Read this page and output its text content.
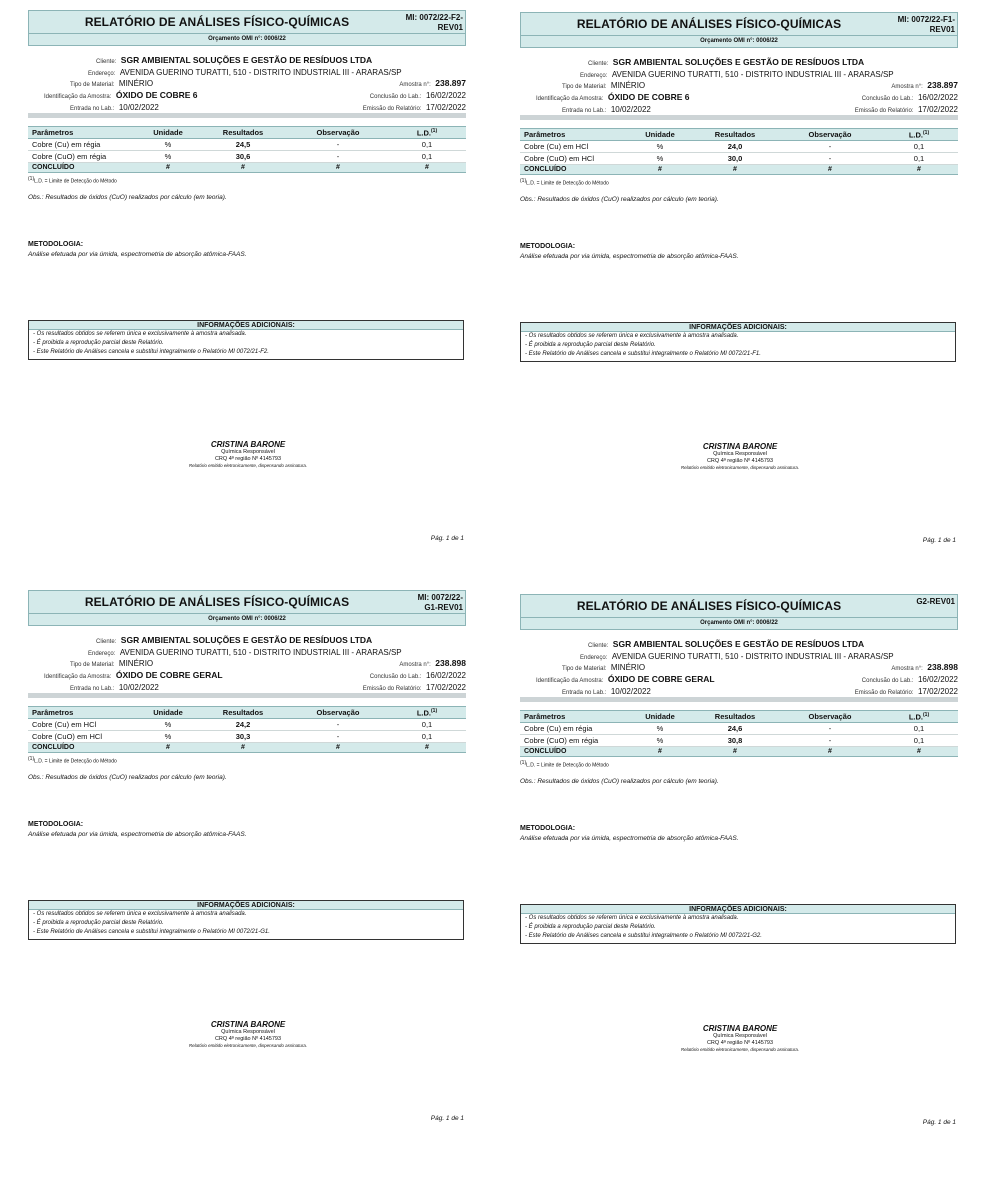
RELATÓRIO DE ANÁLISES FÍSICO-QUÍMICAS	MI: 0072/22-F2-
REV01
Orçamento OMI n°: 0006/22
Cliente: SGR AMBIENTAL SOLUÇÕES E GESTÃO DE RESÍDUOS LTDA
Endereço: AVENIDA GUERINO TURATTI, 510 - DISTRITO INDUSTRIAL III - ARARAS/SP
Tipo de Material: MINÉRIO	Amostra n°: 238.897
Identificação da Amostra: ÓXIDO DE COBRE 6	Conclusão do Lab.: 16/02/2022
Entrada no Lab.: 10/02/2022	Emissão do Relatório: 17/02/2022
Parâmetros	Unidade	Resultados	Observação	L.D.$^{(1)}$
Cobre (Cu) em régia	%	24,5	-	0,1
Cobre (CuO) em régia	%	30,6	-	0,1
CONCLUÍDO	#	#	#	#
$^{(1)}$L.D. = Limite de Detecção do Método
Obs.: Resultados de óxidos (CuO) realizados por cálculo (em teoria).
METODOLOGIA:
Análise efetuada por via úmida, espectrometria de absorção atômica-FAAS.
INFORMAÇÕES ADICIONAIS:
- Os resultados obtidos se referem única e exclusivamente à amostra analisada.
- É proibida a reprodução parcial deste Relatório.
- Este Relatório de Análises cancela e substitui integralmente o Relatório MI 0072/21-F2.
CRISTINA BARONE
Química Responsável
CRQ 4ª região Nº 4145793
Relatório emitido eletronicamente, dispensando assinatura.
Pág. 1 de 1
RELATÓRIO DE ANÁLISES FÍSICO-QUÍMICAS	MI: 0072/22-F1-
REV01
Orçamento OMI n°: 0006/22
Cliente: SGR AMBIENTAL SOLUÇÕES E GESTÃO DE RESÍDUOS LTDA
Endereço: AVENIDA GUERINO TURATTI, 510 - DISTRITO INDUSTRIAL III - ARARAS/SP
Tipo de Material: MINÉRIO	Amostra n°: 238.897
Identificação da Amostra: ÓXIDO DE COBRE 6	Conclusão do Lab.: 16/02/2022
Entrada no Lab.: 10/02/2022	Emissão do Relatório: 17/02/2022
Parâmetros	Unidade	Resultados	Observação	L.D.$^{(1)}$
Cobre (Cu) em HCl	%	24,0	-	0,1
Cobre (CuO) em HCl	%	30,0	-	0,1
CONCLUÍDO	#	#	#	#
$^{(1)}$L.D. = Limite de Detecção do Método
Obs.: Resultados de óxidos (CuO) realizados por cálculo (em teoria).
METODOLOGIA:
Análise efetuada por via úmida, espectrometria de absorção atômica-FAAS.
INFORMAÇÕES ADICIONAIS:
- Os resultados obtidos se referem única e exclusivamente à amostra analisada.
- É proibida a reprodução parcial deste Relatório.
- Este Relatório de Análises cancela e substitui integralmente o Relatório MI 0072/21-F1.
CRISTINA BARONE
Química Responsável
CRQ 4ª região Nº 4145793
Relatório emitido eletronicamente, dispensando assinatura.
Pág. 1 de 1
RELATÓRIO DE ANÁLISES FÍSICO-QUÍMICAS	MI: 0072/22-
G1-REV01
Orçamento OMI n°: 0006/22
Cliente: SGR AMBIENTAL SOLUÇÕES E GESTÃO DE RESÍDUOS LTDA
Endereço: AVENIDA GUERINO TURATTI, 510 - DISTRITO INDUSTRIAL III - ARARAS/SP
Tipo de Material: MINÉRIO	Amostra n°: 238.898
Identificação da Amostra: ÓXIDO DE COBRE GERAL	Conclusão do Lab.: 16/02/2022
Entrada no Lab.: 10/02/2022	Emissão do Relatório: 17/02/2022
Parâmetros	Unidade	Resultados	Observação	L.D.$^{(1)}$
Cobre (Cu) em HCl	%	24,2	-	0,1
Cobre (CuO) em HCl	%	30,3	-	0,1
CONCLUÍDO	#	#	#	#
$^{(1)}$L.D. = Limite de Detecção do Método
Obs.: Resultados de óxidos (CuO) realizados por cálculo (em teoria).
METODOLOGIA:
Análise efetuada por via úmida, espectrometria de absorção atômica-FAAS.
INFORMAÇÕES ADICIONAIS:
- Os resultados obtidos se referem única e exclusivamente à amostra analisada.
- É proibida a reprodução parcial deste Relatório.
- Este Relatório de Análises cancela e substitui integralmente o Relatório MI 0072/21-G1.
CRISTINA BARONE
Química Responsável
CRQ 4ª região Nº 4145793
Relatório emitido eletronicamente, dispensando assinatura.
Pág. 1 de 1
RELATÓRIO DE ANÁLISES FÍSICO-QUÍMICAS	G2-REV01
Orçamento OMI n°: 0006/22
Cliente: SGR AMBIENTAL SOLUÇÕES E GESTÃO DE RESÍDUOS LTDA
Endereço: AVENIDA GUERINO TURATTI, 510 - DISTRITO INDUSTRIAL III - ARARAS/SP
Tipo de Material: MINÉRIO	Amostra n°: 238.898
Identificação da Amostra: ÓXIDO DE COBRE GERAL	Conclusão do Lab.: 16/02/2022
Entrada no Lab.: 10/02/2022	Emissão do Relatório: 17/02/2022
Parâmetros	Unidade	Resultados	Observação	L.D.$^{(1)}$
Cobre (Cu) em régia	%	24,6	-	0,1
Cobre (CuO) em régia	%	30,8	-	0,1
CONCLUÍDO	#	#	#	#
$^{(1)}$L.D. = Limite de Detecção do Método
Obs.: Resultados de óxidos (CuO) realizados por cálculo (em teoria).
METODOLOGIA:
Análise efetuada por via úmida, espectrometria de absorção atômica-FAAS.
INFORMAÇÕES ADICIONAIS:
- Os resultados obtidos se referem única e exclusivamente à amostra analisada.
- É proibida a reprodução parcial deste Relatório.
- Este Relatório de Análises cancela e substitui integralmente o Relatório MI 0072/21-G2.
CRISTINA BARONE
Química Responsável
CRQ 4ª região Nº 4145793
Relatório emitido eletronicamente, dispensando assinatura.
Pág. 1 de 1
